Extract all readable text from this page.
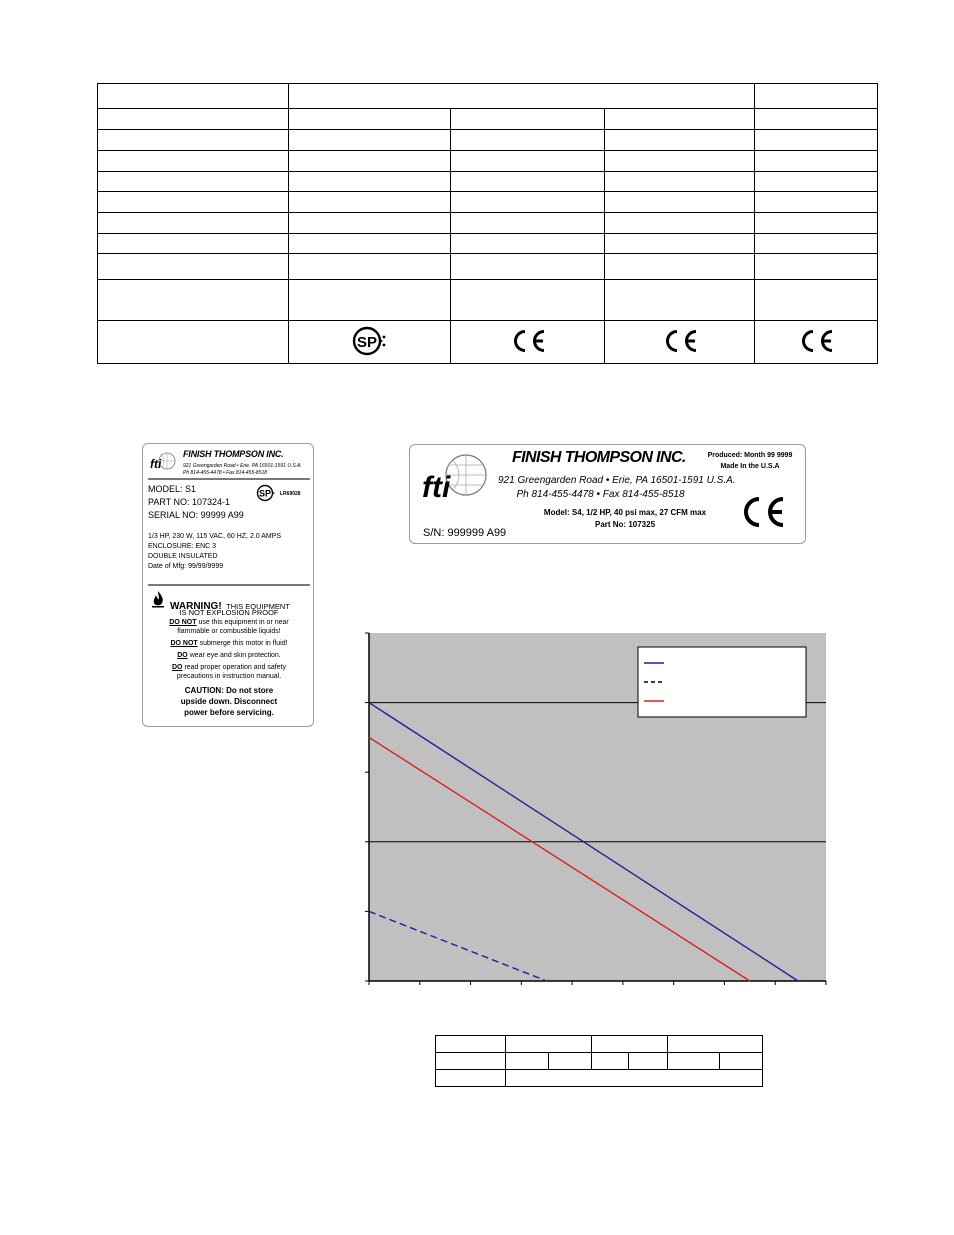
SP

fti
FINISH THOMPSON INC.
921 Greengarden Road • Erie, PA 16501-1591 U.S.A.
Ph 814-455-4478 • Fax 814-455-8518
MODEL: S1
PART NO: 107324-1
SERIAL NO: 99999 A99
SP LR69028
1/3 HP, 230 W, 115 VAC, 60 HZ, 2.0 AMPS
ENCLOSURE: ENC 3
DOUBLE INSULATED
Date of Mfg: 99/99/9999
WARNING! THIS EQUIPMENT
IS NOT EXPLOSION PROOF
DO NOT use this equipment in or near
flammable or combustible liquids!
DO NOT submerge this motor in fluid!
DO wear eye and skin protection.
DO read proper operation and safety
precautions in instruction manual.
CAUTION: Do not store
upside down. Disconnect
power before servicing.
fti
FINISH THOMPSON INC.
921 Greengarden Road • Erie, PA 16501-1591 U.S.A.
Ph 814-455-4478 • Fax 814-455-8518
Produced: Month 99 9999
Made In the U.S.A
Model: S4, 1/2 HP, 40 psi max, 27 CFM max
Part No: 107325
S/N: 999999 A99
